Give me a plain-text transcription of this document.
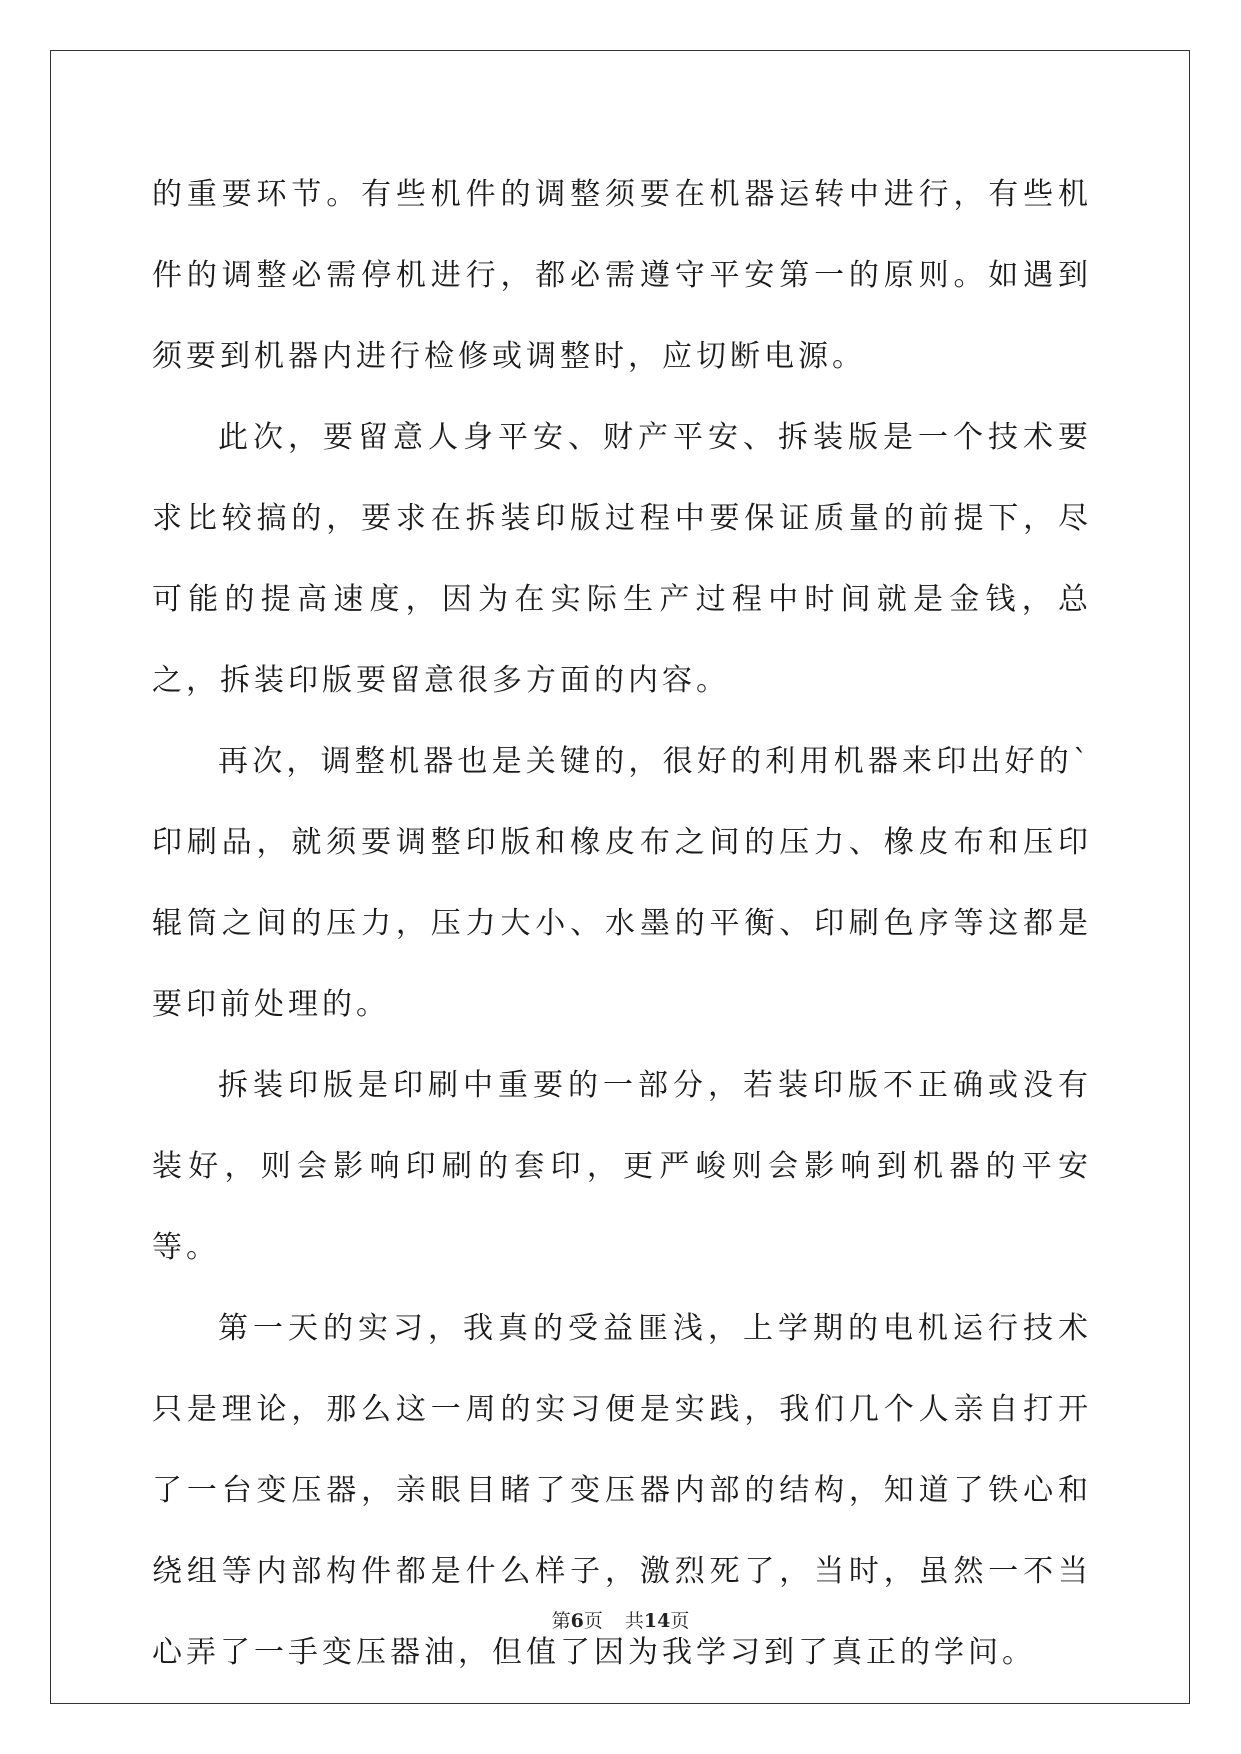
的重要环节。有些机件的调整须要在机器运转中进行，有些机件的调整必需停机进行，都必需遵守平安第一的原则。如遇到须要到机器内进行检修或调整时，应切断电源。

此次，要留意人身平安、财产平安、拆装版是一个技术要求比较搞的，要求在拆装印版过程中要保证质量的前提下，尽可能的提高速度，因为在实际生产过程中时间就是金钱，总之，拆装印版要留意很多方面的内容。

再次，调整机器也是关键的，很好的利用机器来印出好的`印刷品，就须要调整印版和橡皮布之间的压力、橡皮布和压印辊筒之间的压力，压力大小、水墨的平衡、印刷色序等这都是要印前处理的。

拆装印版是印刷中重要的一部分，若装印版不正确或没有装好，则会影响印刷的套印，更严峻则会影响到机器的平安等。

第一天的实习，我真的受益匪浅，上学期的电机运行技术只是理论，那么这一周的实习便是实践，我们几个人亲自打开了一台变压器，亲眼目睹了变压器内部的结构，知道了铁心和绕组等内部构件都是什么样子，激烈死了，当时，虽然一不当心弄了一手变压器油，但值了因为我学习到了真正的学问。

第6页 共14页
